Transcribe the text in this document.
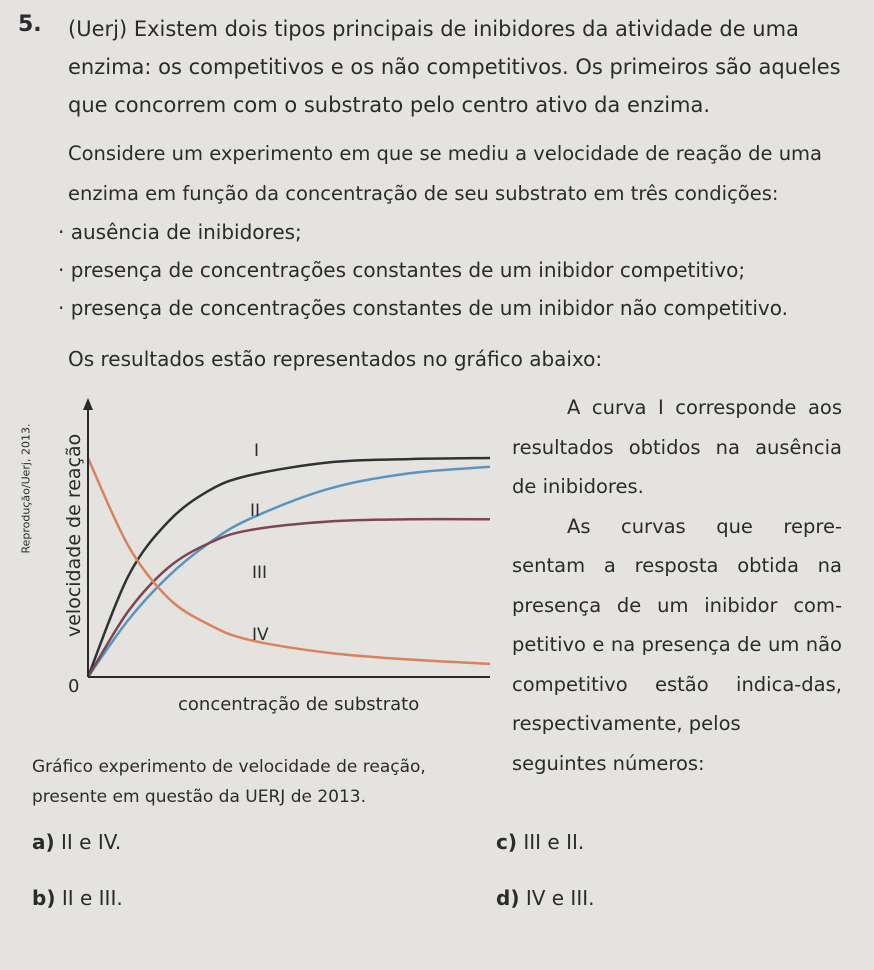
5. (Uerj) Existem dois tipos principais de inibidores da atividade de uma enzima: os competitivos e os não competitivos. Os primeiros são aqueles que concorrem com o substrato pelo centro ativo da enzima.

Considere um experimento em que se mediu a velocidade de reação de uma enzima em função da concentração de seu substrato em três condições:

· ausência de inibidores;
· presença de concentrações constantes de um inibidor competitivo;
· presença de concentrações constantes de um inibidor não competitivo.
Os resultados estão representados no gráfico abaixo:
Reprodução/Uerj, 2013.
0
concentração de substrato
velocidade de reação	I
II
III
IV

A curva I corresponde aos resultados obtidos na ausência de inibidores.

As curvas que repre-sentam a resposta obtida na presença de um inibidor com-petitivo e na presença de um não competitivo estão indica-das, respectivamente, pelos

seguintes números:

Gráfico experimento de velocidade de reação, presente em questão da UERJ de 2013.
a) II e IV.
b) II e III.
c) III e II.
d) IV e III.
